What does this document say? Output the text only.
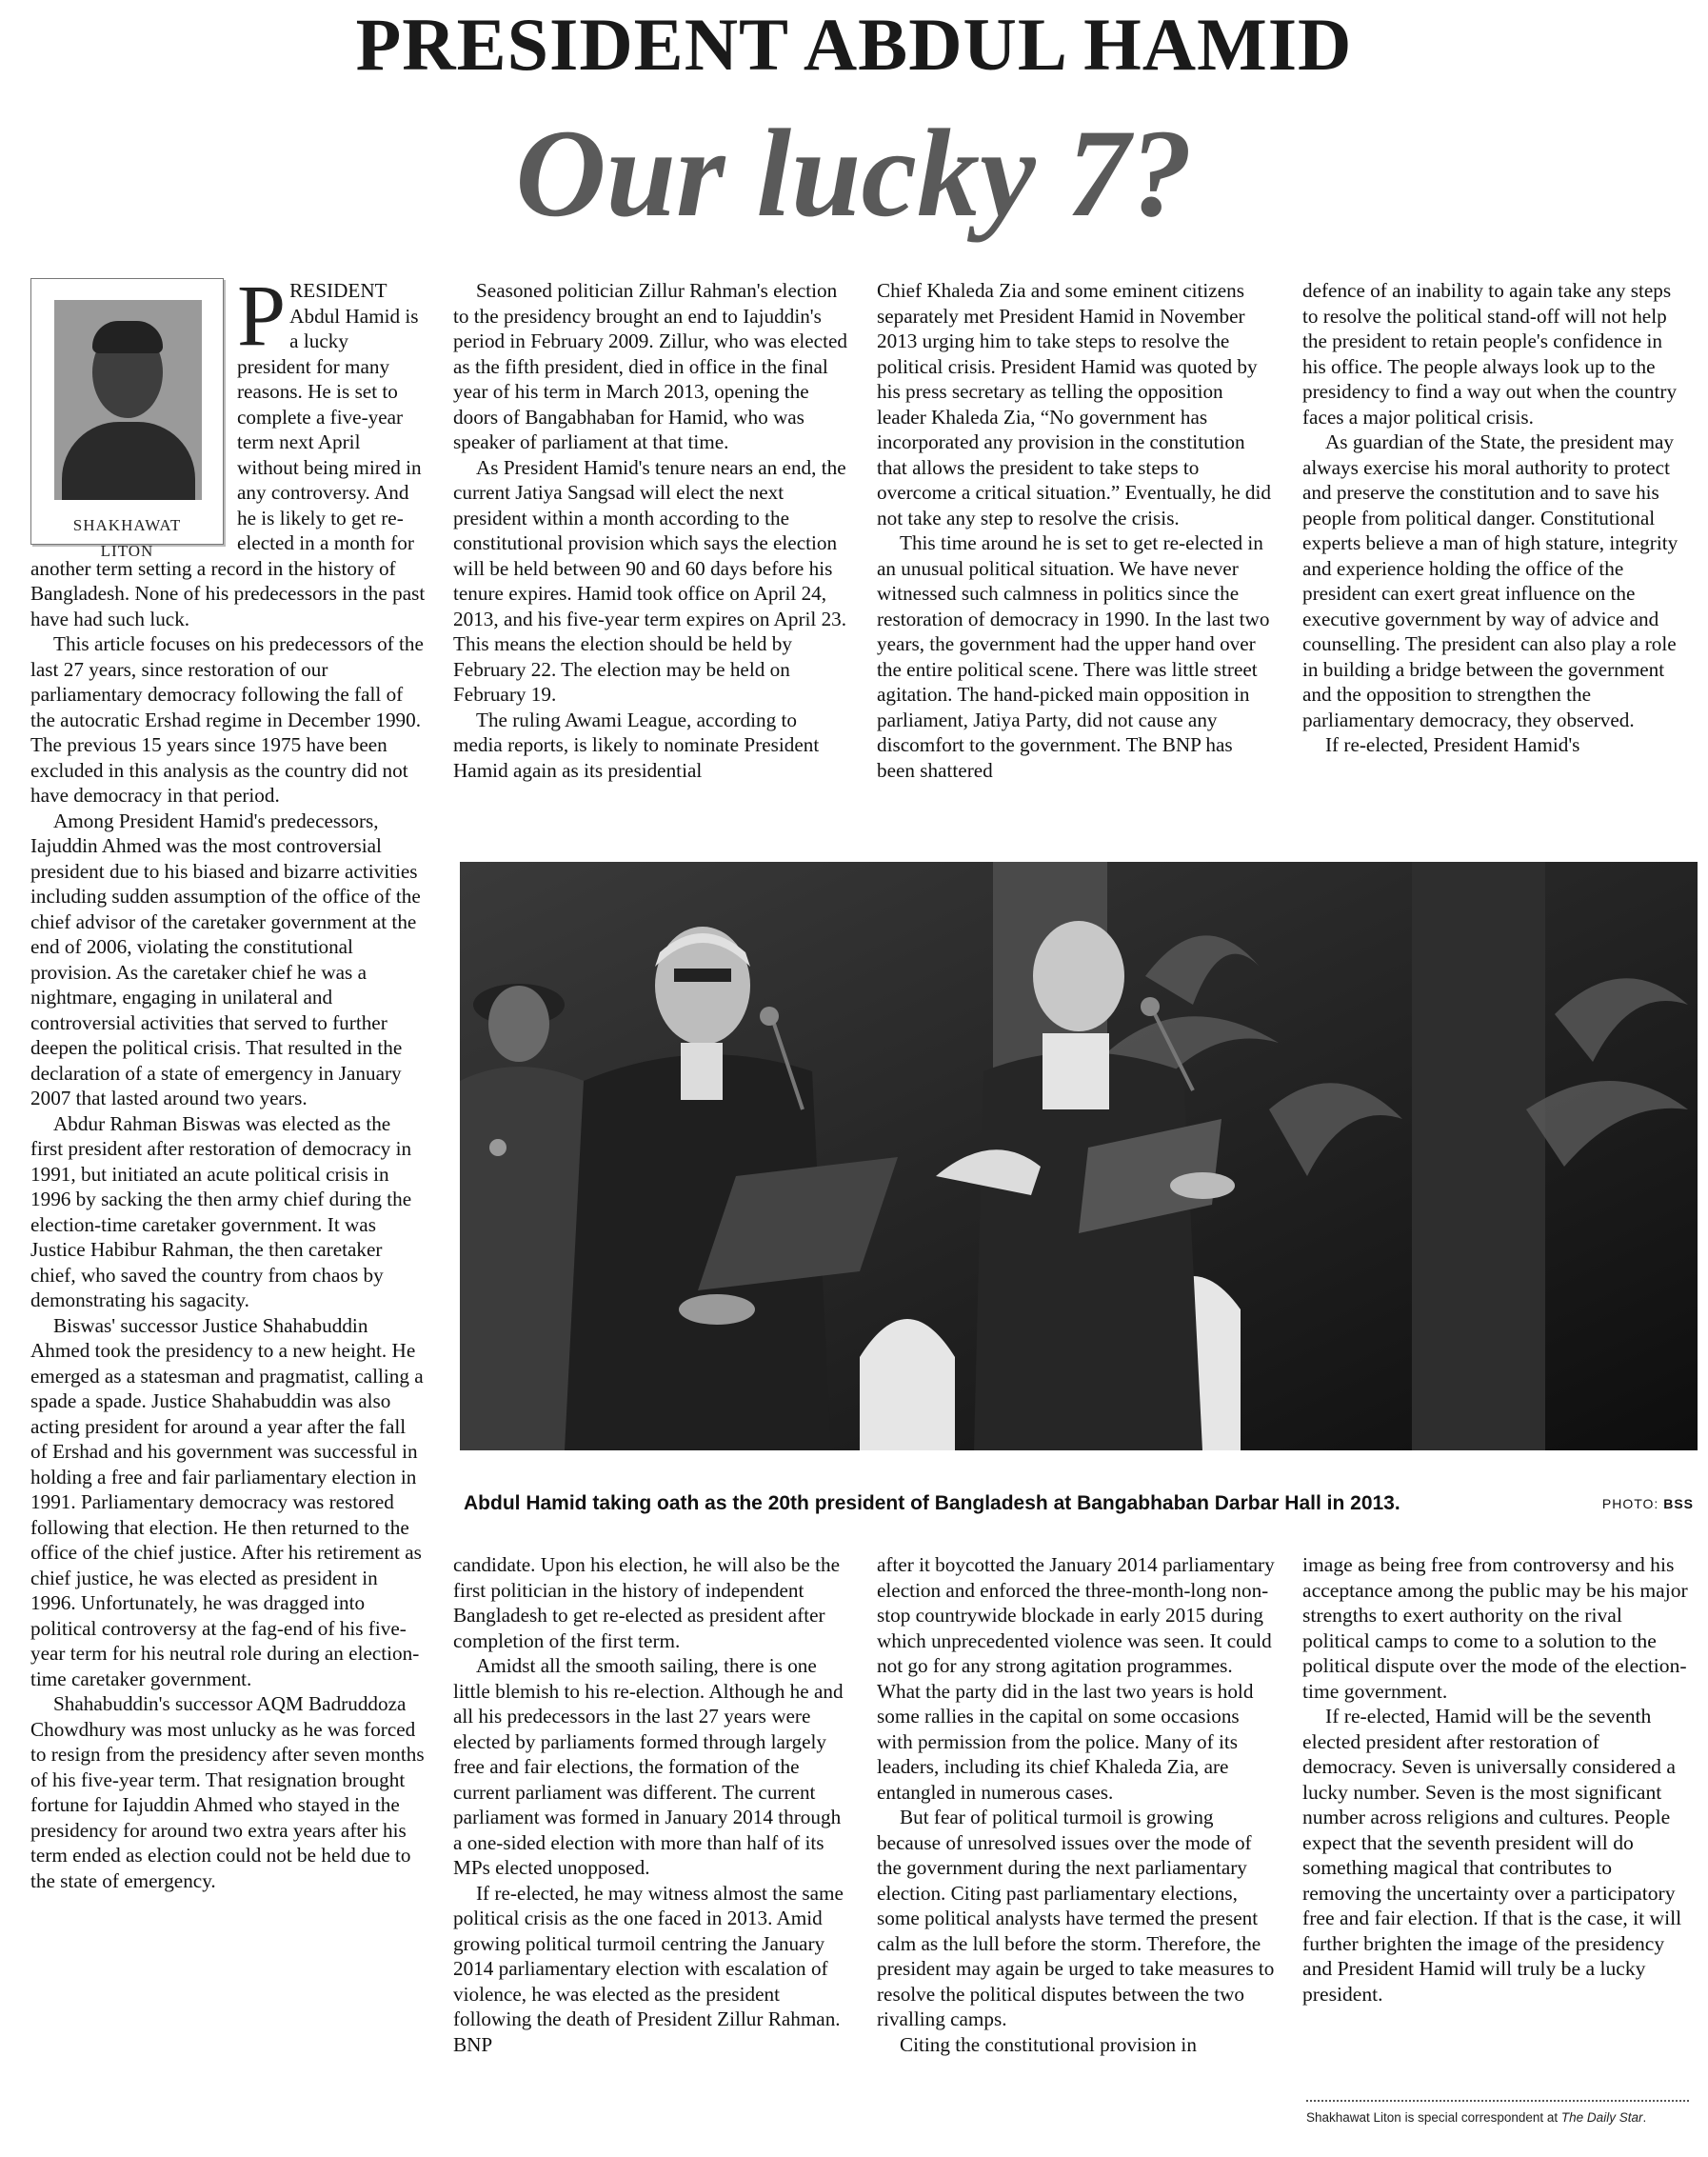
PRESIDENT ABDUL HAMID
Our lucky 7?
SHAKHAWAT LITON
P RESIDENT Abdul Hamid is a lucky president for many reasons. He is set to complete a five-year term next April without being mired in any controversy. And he is likely to get re-elected in a month for another term setting a record in the history of Bangladesh. None of his predecessors in the past have had such luck.

This article focuses on his predecessors of the last 27 years, since restoration of our parliamentary democracy following the fall of the autocratic Ershad regime in December 1990. The previous 15 years since 1975 have been excluded in this analysis as the country did not have democracy in that period.

Among President Hamid's predecessors, Iajuddin Ahmed was the most controversial president due to his biased and bizarre activities including sudden assumption of the office of the chief advisor of the caretaker government at the end of 2006, violating the constitutional provision. As the caretaker chief he was a nightmare, engaging in unilateral and controversial activities that served to further deepen the political crisis. That resulted in the declaration of a state of emergency in January 2007 that lasted around two years.

Abdur Rahman Biswas was elected as the first president after restoration of democracy in 1991, but initiated an acute political crisis in 1996 by sacking the then army chief during the election-time caretaker government. It was Justice Habibur Rahman, the then caretaker chief, who saved the country from chaos by demonstrating his sagacity.

Biswas' successor Justice Shahabuddin Ahmed took the presidency to a new height. He emerged as a statesman and pragmatist, calling a spade a spade. Justice Shahabuddin was also acting president for around a year after the fall of Ershad and his government was successful in holding a free and fair parliamentary election in 1991. Parliamentary democracy was restored following that election. He then returned to the office of the chief justice. After his retirement as chief justice, he was elected as president in 1996. Unfortunately, he was dragged into political controversy at the fag-end of his five-year term for his neutral role during an election-time caretaker government.

Shahabuddin's successor AQM Badruddoza Chowdhury was most unlucky as he was forced to resign from the presidency after seven months of his five-year term. That resignation brought fortune for Iajuddin Ahmed who stayed in the presidency for around two extra years after his term ended as election could not be held due to the state of emergency.

Seasoned politician Zillur Rahman's election to the presidency brought an end to Iajuddin's period in February 2009. Zillur, who was elected as the fifth president, died in office in the final year of his term in March 2013, opening the doors of Bangabhaban for Hamid, who was speaker of parliament at that time.

As President Hamid's tenure nears an end, the current Jatiya Sangsad will elect the next president within a month according to the constitutional provision which says the election will be held between 90 and 60 days before his tenure expires. Hamid took office on April 24, 2013, and his five-year term expires on April 23. This means the election should be held by February 22. The election may be held on February 19.

The ruling Awami League, according to media reports, is likely to nominate President Hamid again as its presidential

Chief Khaleda Zia and some eminent citizens separately met President Hamid in November 2013 urging him to take steps to resolve the political crisis. President Hamid was quoted by his press secretary as telling the opposition leader Khaleda Zia, “No government has incorporated any provision in the constitution that allows the president to take steps to overcome a critical situation.” Eventually, he did not take any step to resolve the crisis.

This time around he is set to get re-elected in an unusual political situation. We have never witnessed such calmness in politics since the restoration of democracy in 1990. In the last two years, the government had the upper hand over the entire political scene. There was little street agitation. The hand-picked main opposition in parliament, Jatiya Party, did not cause any discomfort to the government. The BNP has been shattered

defence of an inability to again take any steps to resolve the political stand-off will not help the president to retain people's confidence in his office. The people always look up to the presidency to find a way out when the country faces a major political crisis.

As guardian of the State, the president may always exercise his moral authority to protect and preserve the constitution and to save his people from political danger. Constitutional experts believe a man of high stature, integrity and experience holding the office of the president can exert great influence on the executive government by way of advice and counselling. The president can also play a role in building a bridge between the government and the opposition to strengthen the parliamentary democracy, they observed.

If re-elected, President Hamid's

Abdul Hamid taking oath as the 20th president of Bangladesh at Bangabhaban Darbar Hall in 2013.	PHOTO: BSS

candidate. Upon his election, he will also be the first politician in the history of independent Bangladesh to get re-elected as president after completion of the first term.

Amidst all the smooth sailing, there is one little blemish to his re-election. Although he and all his predecessors in the last 27 years were elected by parliaments formed through largely free and fair elections, the formation of the current parliament was different. The current parliament was formed in January 2014 through a one-sided election with more than half of its MPs elected unopposed.

If re-elected, he may witness almost the same political crisis as the one faced in 2013. Amid growing political turmoil centring the January 2014 parliamentary election with escalation of violence, he was elected as the president following the death of President Zillur Rahman. BNP

after it boycotted the January 2014 parliamentary election and enforced the three-month-long non-stop countrywide blockade in early 2015 during which unprecedented violence was seen. It could not go for any strong agitation programmes. What the party did in the last two years is hold some rallies in the capital on some occasions with permission from the police. Many of its leaders, including its chief Khaleda Zia, are entangled in numerous cases.

But fear of political turmoil is growing because of unresolved issues over the mode of the government during the next parliamentary election. Citing past parliamentary elections, some political analysts have termed the present calm as the lull before the storm. Therefore, the president may again be urged to take measures to resolve the political disputes between the two rivalling camps.

Citing the constitutional provision in

image as being free from controversy and his acceptance among the public may be his major strengths to exert authority on the rival political camps to come to a solution to the political dispute over the mode of the election-time government.

If re-elected, Hamid will be the seventh elected president after restoration of democracy. Seven is universally considered a lucky number. Seven is the most significant number across religions and cultures. People expect that the seventh president will do something magical that contributes to removing the uncertainty over a participatory free and fair election. If that is the case, it will further brighten the image of the presidency and President Hamid will truly be a lucky president.

Shakhawat Liton is special correspondent at The Daily Star.
